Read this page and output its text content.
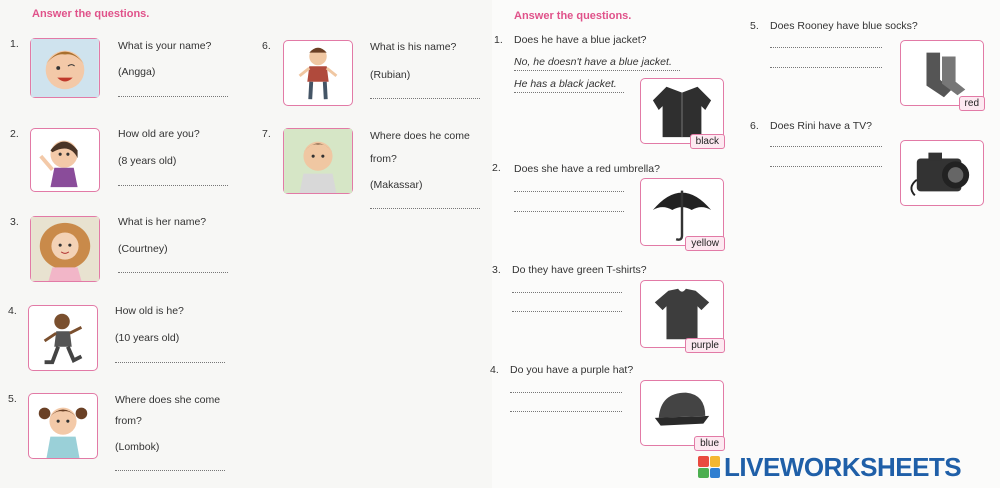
Answer the questions.
1.	What is your name?
(Angga)
2.	How old are you?
(8 years old)
3.	What is her name?
(Courtney)
4.	How old is he?
(10 years old)
5.	Where does she come
from?
(Lombok)
6.	What is his name?
(Rubian)
7.	Where does he come
from?
(Makassar)
Answer the questions.
1. Does he have a blue jacket?
No, he doesn't have a blue jacket.
He has a black jacket.
black
2. Does she have a red umbrella?
yellow
3. Do they have green T-shirts?
purple
4. Do you have a purple hat?
blue
5. Does Rooney have blue socks?
red
6. Does Rini have a TV?
LIVEWORKSHEETS
